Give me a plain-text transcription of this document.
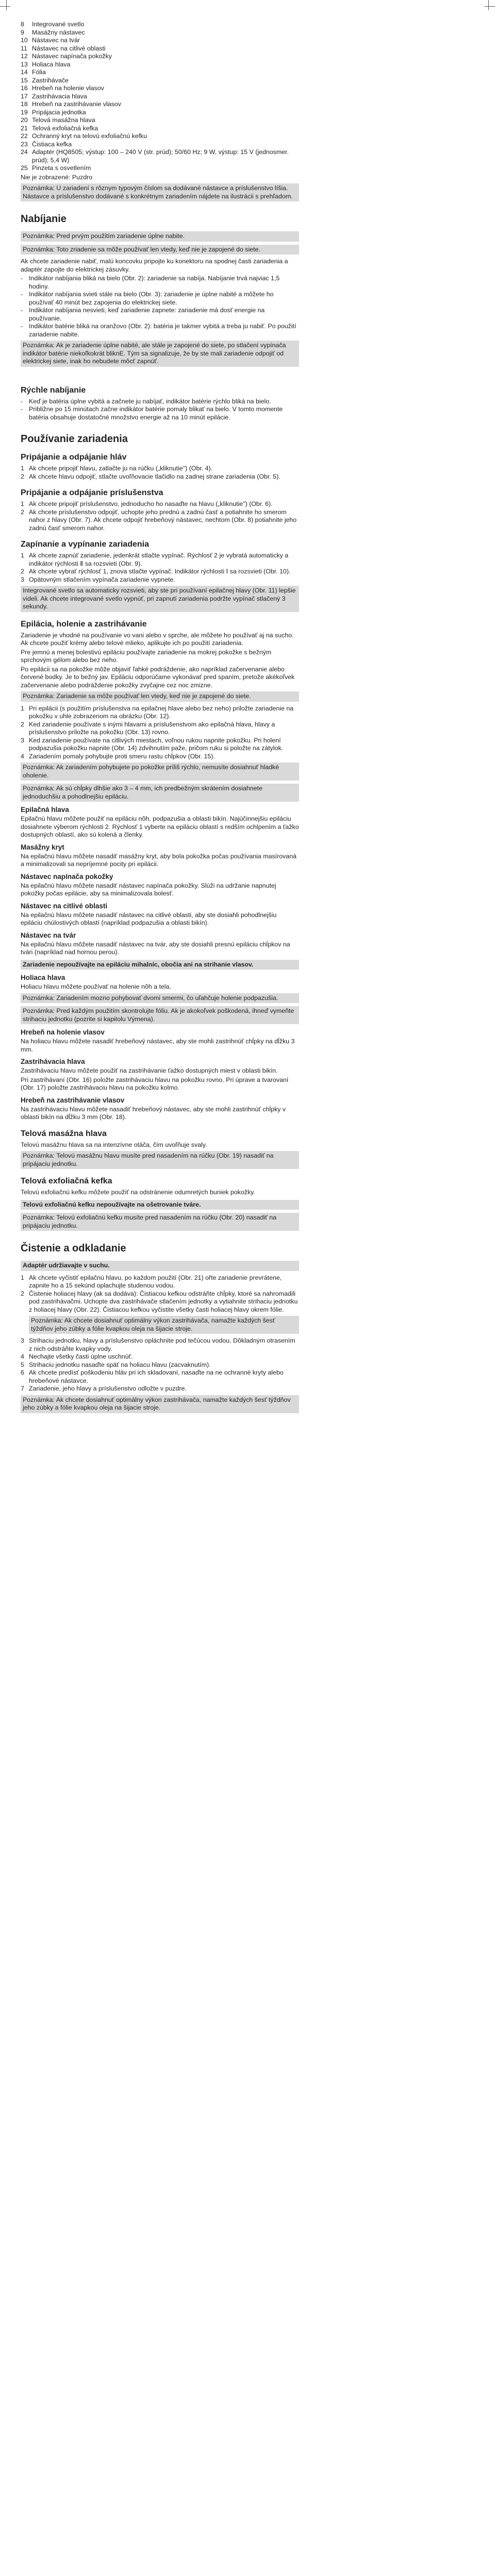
8	Integrované svetlo
9	Masážny nástavec
10 Nástavec na tvár
11 Nástavec na citlivé oblasti
12 Nástavec napínača pokožky
13 Holiaca hlava
14 Fólia
15 Zastrihávače
16 Hrebeň na holenie vlasov
17 Zastrihávacia hlava
18 Hrebeň na zastrihávanie vlasov
19 Pripájacia jednotka
20 Telová masážna hlava
21 Telová exfoliačná kefka
22 Ochranný kryt na telovú exfoliačnú kefku
23 Čistiaca kefka
24 Adaptér (HQ8505; výstup: 100 – 240 V (str. prúd); 50/60 Hz; 9 W, výstup: 15 V (jednosmer. prúd); 5,4 W)
25 Pinzeta s osvetlením

Nie je zobrazené: Puzdro

Poznámka: U zariadení s rôznym typovým číslom sa dodávané nástavce a príslušenstvo líšia. Nástavce a príslušenstvo dodávané s konkrétnym zariadením nájdete na ilustrácii s prehľadom.
Nabíjanie
Poznámka: Pred prvým použitím zariadenie úplne nabite.
Poznámka: Toto zriadenie sa môže používať len vtedy, keď nie je zapojené do siete.

Ak chcete zariadenie nabiť, malú koncovku pripojte ku konektoru na spodnej časti zariadenia a adaptér zapojte do elektrickej zásuvky.

- Indikátor nabíjania bliká na bielo (Obr. 2): zariadenie sa nabíja. Nabíjanie trvá najviac 1,5 hodiny.
- Indikátor nabíjania svieti stále na bielo (Obr. 3): zariadenie je úplne nabité a môžete ho používať 40 minút bez zapojenia do elektrickej siete.
- Indikátor nabíjania nesvieti, keď zariadenie zapnete: zariadenie má dosť energie na používanie.
- Indikátor batérie bliká na oranžovo (Obr. 2): batéria je takmer vybitá a treba ju nabiť. Po použití zariadenie nabite.
Poznámka: Ak je zariadenie úplne nabité, ale stále je zapojené do siete, po stlačení vypínača indikátor batérie niekoľkokrát bliknE. Tým sa signalizuje, že by ste mali zariadenie odpojiť od elektrickej siete, inak ho nebudete môcť zapnúť.
Rýchle nabíjanie
- Keď je batéria úplne vybitá a začnete ju nabíjať, indikátor batérie rýchlo bliká na bielo.
- Približne po 15 minútach začne indikátor batérie pomaly blikať na bielo. V tomto momente batéria obsahuje dostatočné množstvo energie až na 10 minút epilácie.
Používanie zariadenia
Pripájanie a odpájanie hláv
1 Ak chcete pripojiť hlavu, zatlačte ju na rúčku („kliknutie") (Obr. 4).
2 Ak chcete hlavu odpojiť, stlačte uvoľňovacie tlačidlo na zadnej strane zariadenia (Obr. 5).
Pripájanie a odpájanie príslušenstva
1 Ak chcete pripojiť príslušenstvo, jednoducho ho nasaďte na hlavu („kliknutie") (Obr. 6).
2 Ak chcete príslušenstvo odpojiť, uchopte jeho prednú a zadnú časť a potiahnite ho smerom nahor z hlavy (Obr. 7). Ak chcete odpojiť hrebeňový nástavec, nechtom (Obr. 8) potiahnite jeho zadnú časť smerom nahor.
Zapínanie a vypínanie zariadenia
1 Ak chcete zapnúť zariadenie, jedenkrát stlačte vypínač. Rýchlosť 2 je vybratá automaticky a indikátor rýchlosti Ⅱ sa rozsvieti (Obr. 9).
2 Ak chcete vybrať rýchlosť 1, znova stlačte vypínač. Indikátor rýchlosti Ⅰ sa rozsvieti (Obr. 10).
3 Opätovným stlačením vypínača zariadenie vypnete.
Integrované svetlo sa automaticky rozsvieti, aby ste pri používaní epilačnej hlavy (Obr. 11) lepšie videli. Ak chcete integrované svetlo vypnúť, pri zapnutí zariadenia podržte vypínač stlačený 3 sekundy.
Epilácia, holenie a zastrihávanie

Zariadenie je vhodné na používanie vo vani alebo v sprche, ale môžete ho používať aj na sucho. Ak chcete použiť krémy alebo telové mlieko, aplikujte ich po použití zariadenia.

Pre jemnú a menej bolestivú epiláciu používajte zariadenie na mokrej pokožke s bežným sprchovým gélom alebo bez neho.

Po epilácii sa na pokožke môže objaviť ľahké podráždenie, ako napríklad začervenanie alebo červené bodky. Je to bežný jav. Epiláciu odporúčame vykonávať pred spaním, pretože akékoľvek začervenanie alebo podráždenie pokožky zvyčajne cez noc zmizne.

Poznámka: Zariadenie sa môže používať len vtedy, keď nie je zapojené do siete.
1 Pri epilácii (s použitím príslušenstva na epilačnej hlave alebo bez neho) priložte zariadenie na pokožku v uhle zobrazenom na obrázku (Obr. 12).
2 Ked zariadenie používate s inými hlavami a príslušenstvom ako epilačná hlava, hlavy a príslušenstvo priložte na pokožku (Obr. 13) rovno.
3 Ked zariadenie používate na citlivých miestach, voľnou rukou napnite pokožku. Pri holení podpazušia pokožku napnite (Obr. 14) zdvihnutím paže, pričom ruku si položte na zátylok.
4 Zariadením pomaly pohybujte proti smeru rastu chĺpkov (Obr. 15).
Poznámka: Ak zariadením pohybujete po pokožke príliš rýchlo, nemusíte dosiahnuť hladké oholenie.
Poznámka: Ak sú chĺpky dlhšie ako 3 – 4 mm, ich predbežným skrátením dosiahnete jednoduchšiu a pohodlnejšiu epiláciu.
Epilačná hlava

Epilačnú hlavu môžete použiť na epiláciu nôh, podpazušia a oblasti bikín. Najúčinnejšiu epiláciu dosiahnete výberom rýchlosti 2. Rýchlosť 1 vyberte na epiláciu oblastí s redším ochlpením a ťažko dostupných oblastí, ako sú kolená a členky.

Masážny kryt

Na epilačnú hlavu môžete nasadiť masážny kryt, aby bola pokožka počas používania masírovaná a minimalizovali sa nepríjemné pocity pri epilácii.

Nástavec napínača pokožky

Na epilačnú hlavu môžete nasadiť nástavec napínača pokožky. Slúži na udržanie napnutej pokožky počas epilácie, aby sa minimalizovala bolesť.

Nástavec na citlivé oblasti

Na epilačnú hlavu môžete nasadiť nástavec na citlivé oblasti, aby ste dosiahli pohodlnejšiu epiláciu chúlostivých oblastí (napríklad podpazušia a oblasti bikín).

Nástavec na tvár

Na epilačnú hlavu môžete nasadiť nástavec na tvár, aby ste dosiahli presnú epiláciu chĺpkov na tvári (napríklad nad hornou perou).

Zariadenie nepoužívajte na epiláciu mihalníc, obočia ani na strihanie vlasov.
Holiaca hlava

Holiacu hlavu môžete používať na holenie nôh a tela.

Poznámka: Zariadením mozno pohybovať dvomi smermi, čo uľahčuje holenie podpazušia.
Poznámka: Pred každým použitím skontrolujte fóliu. Ak je akokoľvek poškodená, ihneď vymeňte strihaciu jednotku (pozrite si kapitolu Výmena).
Hrebeň na holenie vlasov

Na holiacu hlavu môžete nasadiť hrebeňový nástavec, aby ste mohli zastrihnúť chĺpky na dĺžku 3 mm.

Zastrihávacia hlava

Zastrihávaciu hlavu môžete použiť na zastrihávanie ťažko dostupných miest v oblasti bikín.

Pri zastrihávaní (Obr. 16) položte zastrihávaciu hlavu na pokožku rovno. Pri úprave a tvarovaní (Obr. 17) položte zastrihávaciu hlavu na pokožku kolmo.

Hrebeň na zastrihávanie vlasov

Na zastrihávaciu hlavu môžete nasadiť hrebeňový nástavec, aby ste mohli zastrihnúť chĺpky v oblasti bikín na dĺžku 3 mm (Obr. 18).

Telová masážna hlava

Telovú masážnu hlava sa na intenzívne otáča, čím uvoľňuje svaly.

Poznámka: Telovú masážnu hlavu musíte pred nasadením na rúčku (Obr. 19) nasadiť na pripájaciu jednotku.
Telová exfoliačná kefka

Telovú exfoliačnú kefku môžete použiť na odstránenie odumretých buniek pokožky.

Telovú exfoliačnú kefku nepoužívajte na ošetrovanie tváre.
Poznámka: Telovú exfoliačnú kefku musíte pred nasadením na rúčku (Obr. 20) nasadiť na pripájaciu jednotku.
Čistenie a odkladanie
Adaptér udržiavajte v suchu.
1 Ak chcete vyčistiť epilačnú hlavu, po každom použití (Obr. 21) ořte zariadenie prevrátene, zapnite ho a 15 sekúnd oplachujte studenou vodou.
2 Čistenie holiacej hlavy (ak sa dodáva): Čistiacou kefkou odstráňte chĺpky, ktoré sa nahromadili pod zastrihávačmi. Uchopte dva zastrihávače stlačením jednotky a vytiahnite strihaciu jednotku z holiacej hlavy (Obr. 22). Čistiacou kefkou vyčistite všetky časti holiacej hlavy okrem fólie.
Poznámka: Ak chcete dosiahnuť optimálny výkon zastrihávača, namažte každých šesť týždňov jeho zúbky a fólie kvapkou oleja na šijacie stroje.
3 Strihaciu jednotku, hlavy a príslušenstvo opláchnite pod tečúcou vodou. Dôkladným otrasením z nich odstráňte kvapky vody.
4 Nechajte všetky časti úplne uschnúť.
5 Strihaciu jednotku nasaďte späť na holiacu hlavu (zacvaknutím).
6 Ak chcete predísť poškodeniu hláv pri ich skladovaní, nasaďte na ne ochranné kryty alebo hrebeňové nástavce.
7 Zariadenie, jeho hlavy a príslušenstvo odložte v puzdre.
Poznámka: Ak chcete dosiahnuť optimálny výkon zastrihávača, namažte každých šesť týždňov jeho zúbky a fólie kvapkou oleja na šijacie stroje.
